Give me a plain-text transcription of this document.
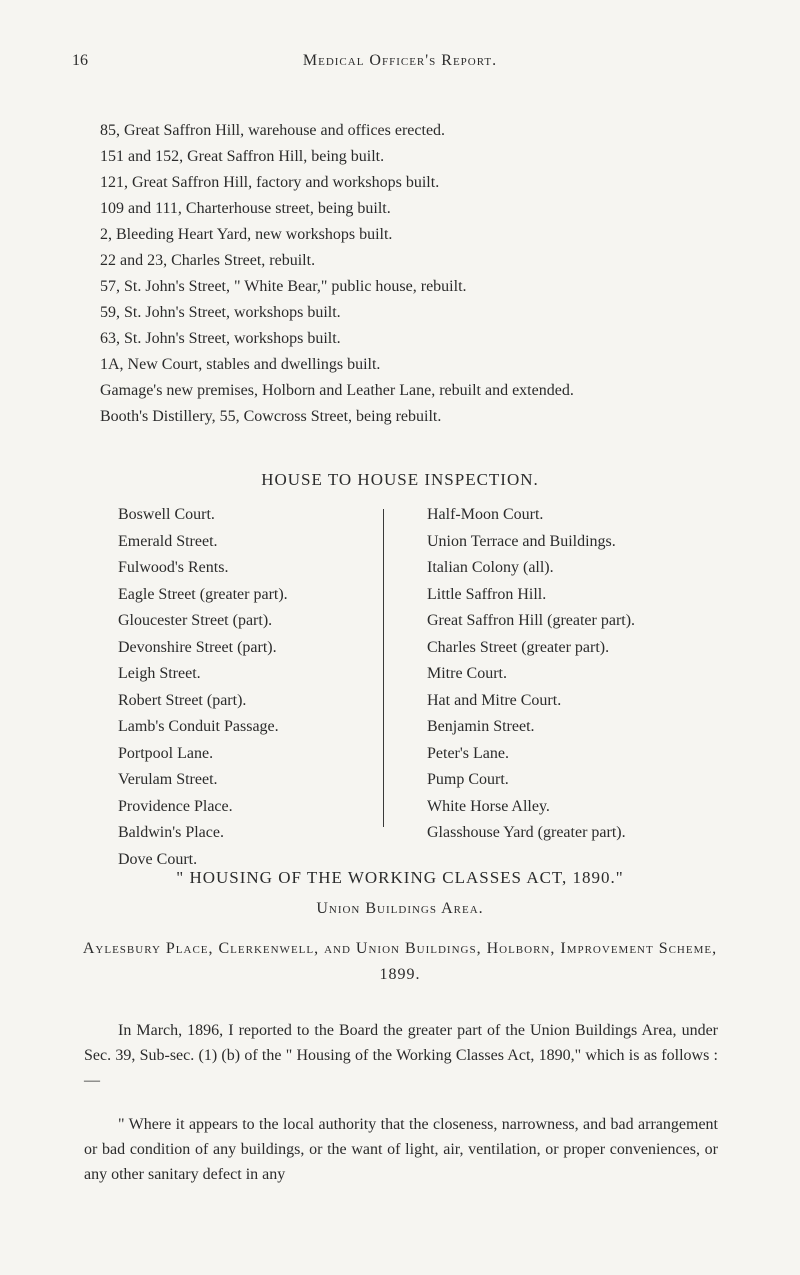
16	Medical Officer's Report.
85, Great Saffron Hill, warehouse and offices erected.
151 and 152, Great Saffron Hill, being built.
121, Great Saffron Hill, factory and workshops built.
109 and 111, Charterhouse street, being built.
2, Bleeding Heart Yard, new workshops built.
22 and 23, Charles Street, rebuilt.
57, St. John's Street, " White Bear," public house, rebuilt.
59, St. John's Street, workshops built.
63, St. John's Street, workshops built.
1A, New Court, stables and dwellings built.
Gamage's new premises, Holborn and Leather Lane, rebuilt and extended.
Booth's Distillery, 55, Cowcross Street, being rebuilt.
HOUSE TO HOUSE INSPECTION.
Boswell Court.
Emerald Street.
Fulwood's Rents.
Eagle Street (greater part).
Gloucester Street (part).
Devonshire Street (part).
Leigh Street.
Robert Street (part).
Lamb's Conduit Passage.
Portpool Lane.
Verulam Street.
Providence Place.
Baldwin's Place.
Dove Court.
Half-Moon Court.
Union Terrace and Buildings.
Italian Colony (all).
Little Saffron Hill.
Great Saffron Hill (greater part).
Charles Street (greater part).
Mitre Court.
Hat and Mitre Court.
Benjamin Street.
Peter's Lane.
Pump Court.
White Horse Alley.
Glasshouse Yard (greater part).
" HOUSING OF THE WORKING CLASSES ACT, 1890."
Union Buildings Area.
Aylesbury Place, Clerkenwell, and Union Buildings, Holborn, Improvement Scheme, 1899.

In March, 1896, I reported to the Board the greater part of the Union Buildings Area, under Sec. 39, Sub-sec. (1) (b) of the " Housing of the Working Classes Act, 1890," which is as follows :—

" Where it appears to the local authority that the closeness, narrowness, and bad arrangement or bad condition of any buildings, or the want of light, air, ventilation, or proper conveniences, or any other sanitary defect in any
